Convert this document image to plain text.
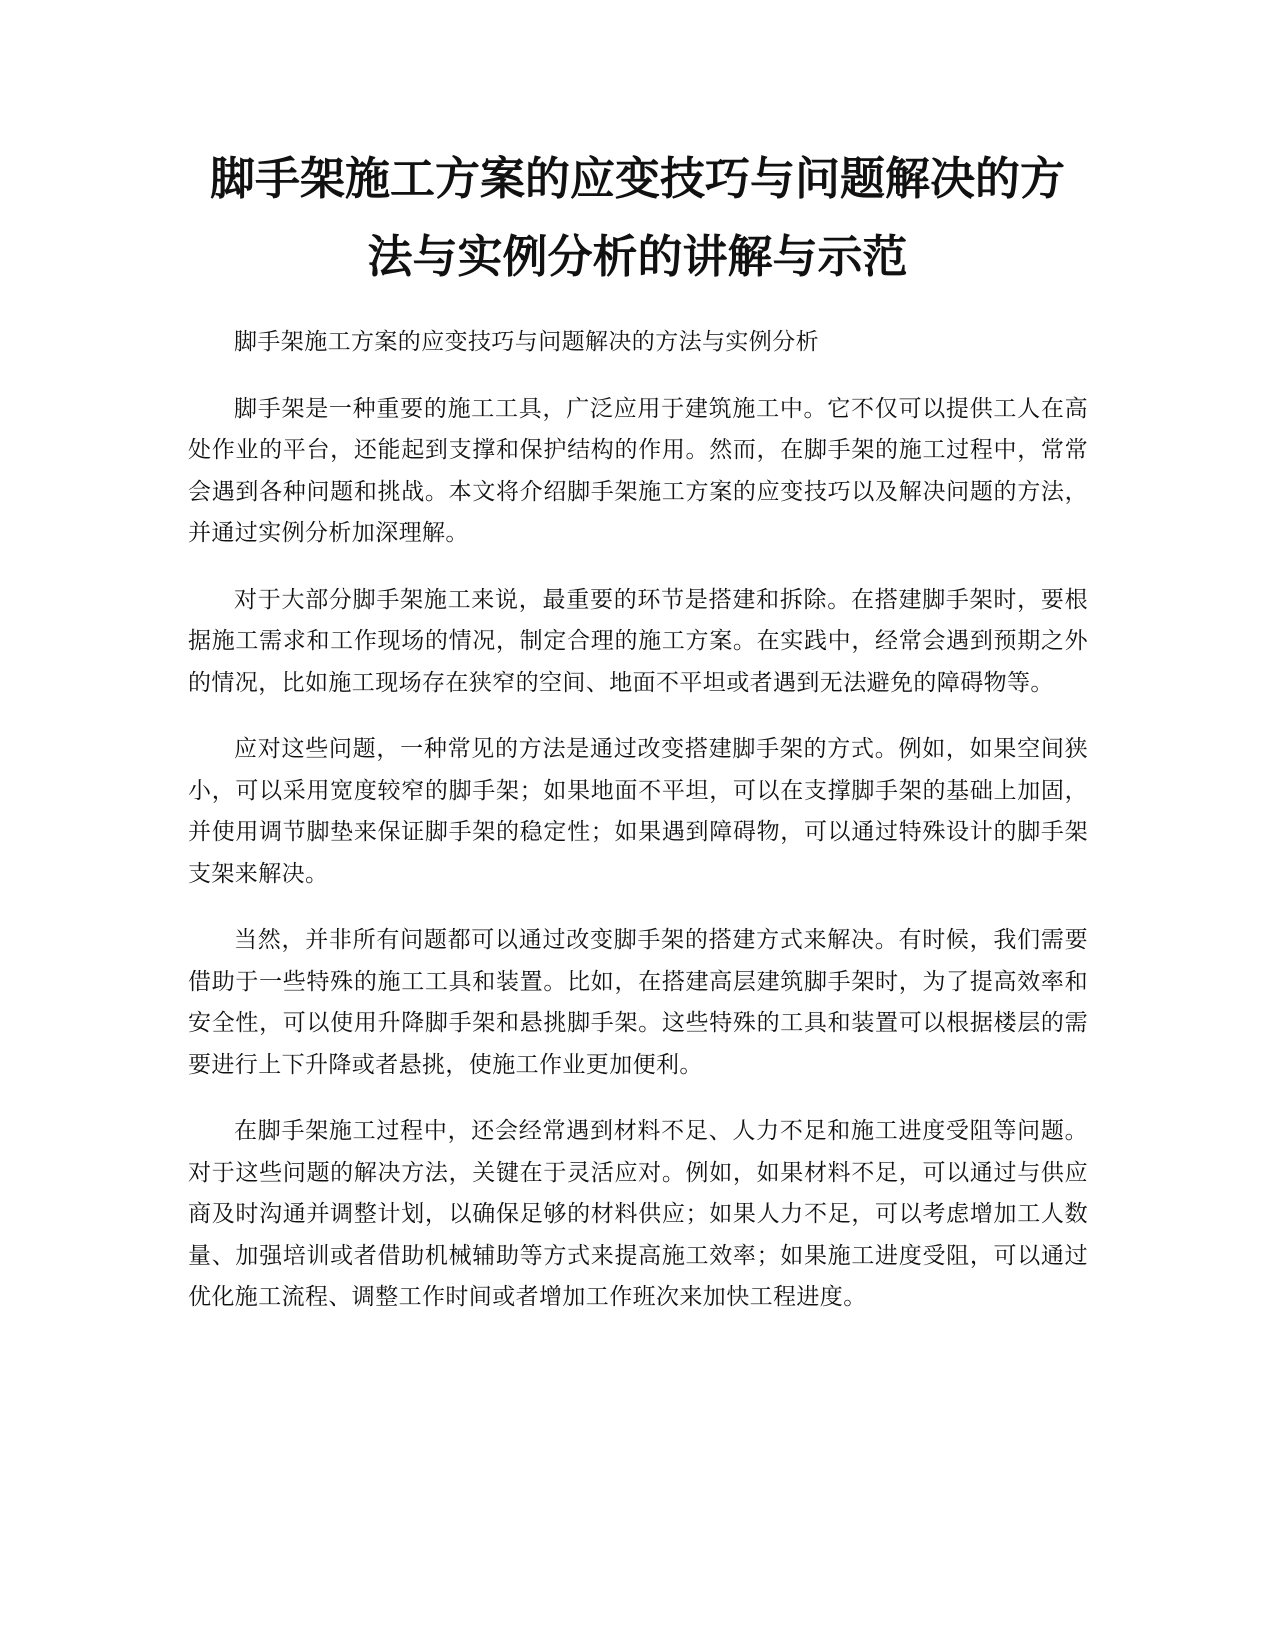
脚手架施工方案的应变技巧与问题解决的方
法与实例分析的讲解与示范

脚手架施工方案的应变技巧与问题解决的方法与实例分析

脚手架是一种重要的施工工具，广泛应用于建筑施工中。它不仅可以提供工人在高处作业的平台，还能起到支撑和保护结构的作用。然而，在脚手架的施工过程中，常常会遇到各种问题和挑战。本文将介绍脚手架施工方案的应变技巧以及解决问题的方法，并通过实例分析加深理解。

对于大部分脚手架施工来说，最重要的环节是搭建和拆除。在搭建脚手架时，要根据施工需求和工作现场的情况，制定合理的施工方案。在实践中，经常会遇到预期之外的情况，比如施工现场存在狭窄的空间、地面不平坦或者遇到无法避免的障碍物等。

应对这些问题，一种常见的方法是通过改变搭建脚手架的方式。例如，如果空间狭小，可以采用宽度较窄的脚手架；如果地面不平坦，可以在支撑脚手架的基础上加固，并使用调节脚垫来保证脚手架的稳定性；如果遇到障碍物，可以通过特殊设计的脚手架支架来解决。

当然，并非所有问题都可以通过改变脚手架的搭建方式来解决。有时候，我们需要借助于一些特殊的施工工具和装置。比如，在搭建高层建筑脚手架时，为了提高效率和安全性，可以使用升降脚手架和悬挑脚手架。这些特殊的工具和装置可以根据楼层的需要进行上下升降或者悬挑，使施工作业更加便利。

在脚手架施工过程中，还会经常遇到材料不足、人力不足和施工进度受阻等问题。对于这些问题的解决方法，关键在于灵活应对。例如，如果材料不足，可以通过与供应商及时沟通并调整计划，以确保足够的材料供应；如果人力不足，可以考虑增加工人数量、加强培训或者借助机械辅助等方式来提高施工效率；如果施工进度受阻，可以通过优化施工流程、调整工作时间或者增加工作班次来加快工程进度。
